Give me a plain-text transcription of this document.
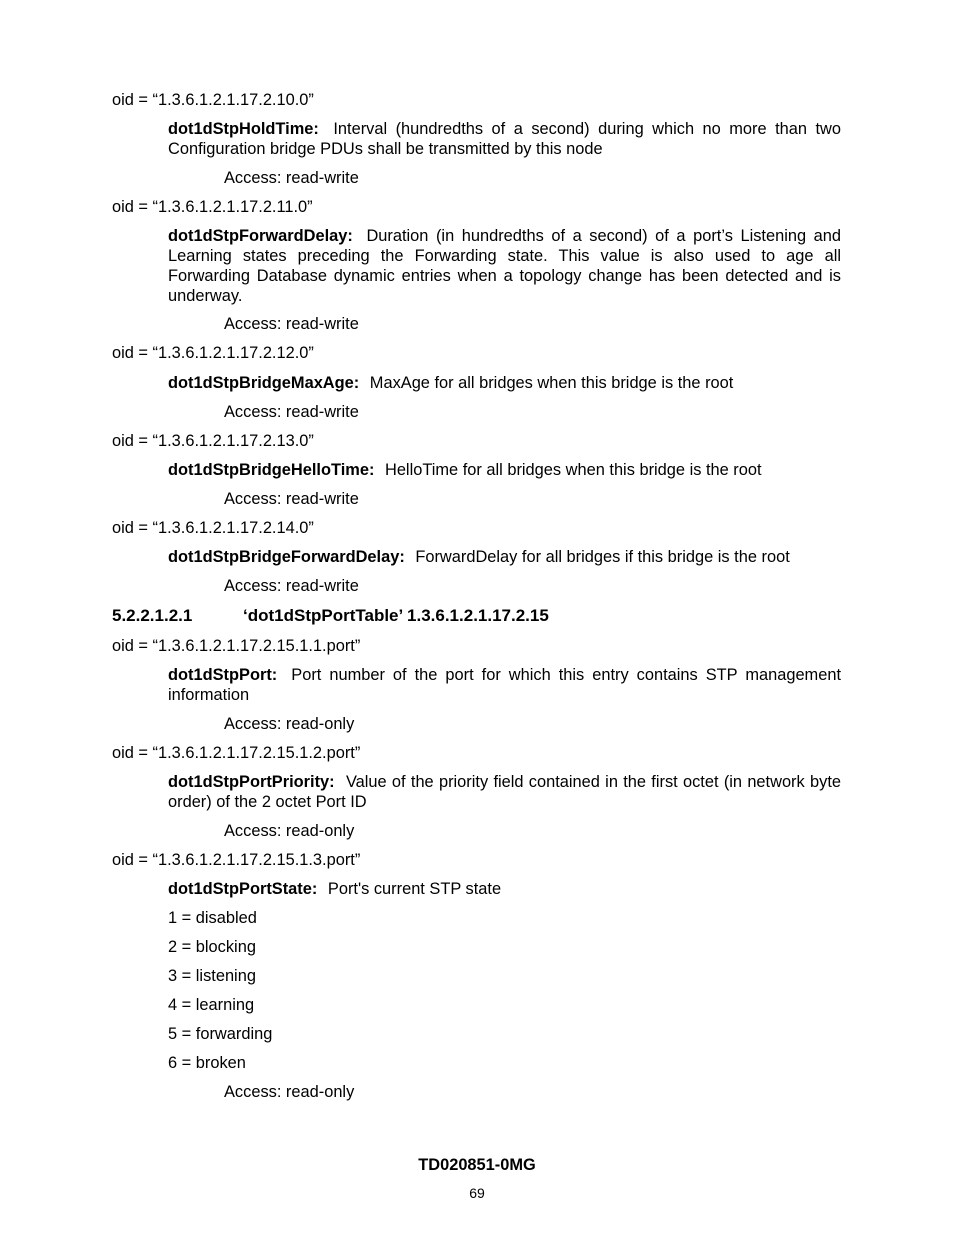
oid = “1.3.6.1.2.1.17.2.10.0”
dot1dStpHoldTime: Interval (hundredths of a second) during which no more than two Configuration bridge PDUs shall be transmitted by this node
Access: read-write
oid = “1.3.6.1.2.1.17.2.11.0”
dot1dStpForwardDelay: Duration (in hundredths of a second) of a port’s Listening and Learning states preceding the Forwarding state. This value is also used to age all Forwarding Database dynamic entries when a topology change has been detected and is underway.
Access: read-write
oid = “1.3.6.1.2.1.17.2.12.0”
dot1dStpBridgeMaxAge: MaxAge for all bridges when this bridge is the root
Access: read-write
oid = “1.3.6.1.2.1.17.2.13.0”
dot1dStpBridgeHelloTime: HelloTime for all bridges when this bridge is the root
Access: read-write
oid = “1.3.6.1.2.1.17.2.14.0”
dot1dStpBridgeForwardDelay: ForwardDelay for all bridges if this bridge is the root
Access: read-write
5.2.2.1.2.1	‘dot1dStpPortTable’ 1.3.6.1.2.1.17.2.15
oid = “1.3.6.1.2.1.17.2.15.1.1.port”
dot1dStpPort: Port number of the port for which this entry contains STP management information
Access: read-only
oid = “1.3.6.1.2.1.17.2.15.1.2.port”
dot1dStpPortPriority: Value of the priority field contained in the first octet (in network byte order) of the 2 octet Port ID
Access: read-only
oid = “1.3.6.1.2.1.17.2.15.1.3.port”
dot1dStpPortState: Port's current STP state
1 = disabled
2 = blocking
3 = listening
4 = learning
5 = forwarding
6 = broken
Access: read-only
TD020851-0MG
69
